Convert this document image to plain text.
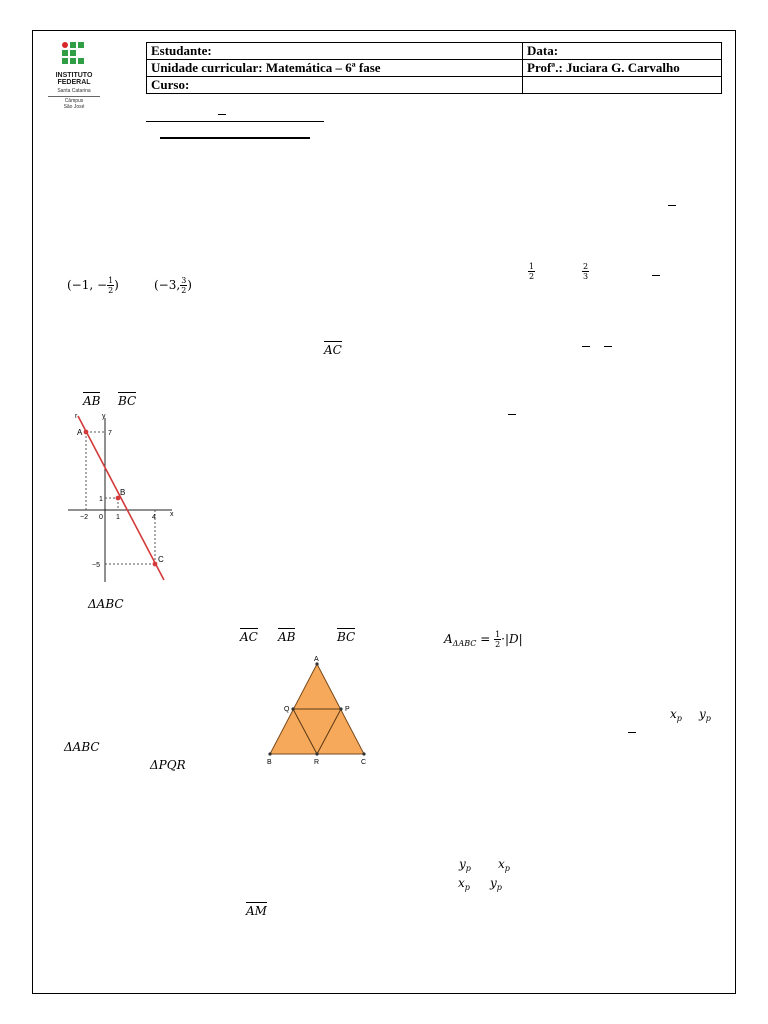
INSTITUTO
FEDERAL
Santa Catarina
Câmpus
São José
Estudante:	Data:
Unidade curricular: Matemática – 6ª fase	Profª.: Juciara G. Carvalho
Curso:	
(−1, − $\frac{1}{2}$ )	(−3, $\frac{3}{2}$ )
$\frac{1}{2}$	$\frac{2}{3}$
AC
AB BC
x
y
r
A
B
C
7
1
−5
−2 0 1	4
ΔABC
AC AB	BC	$A_{\Delta ABC} = \frac{1}{2} \cdot|D|$
A
B	C
P
Q
R
$x_p$ $y_p$
ΔABC
ΔPQR
$y_p$ $x_p$
$x_p$ $y_p$
AM
